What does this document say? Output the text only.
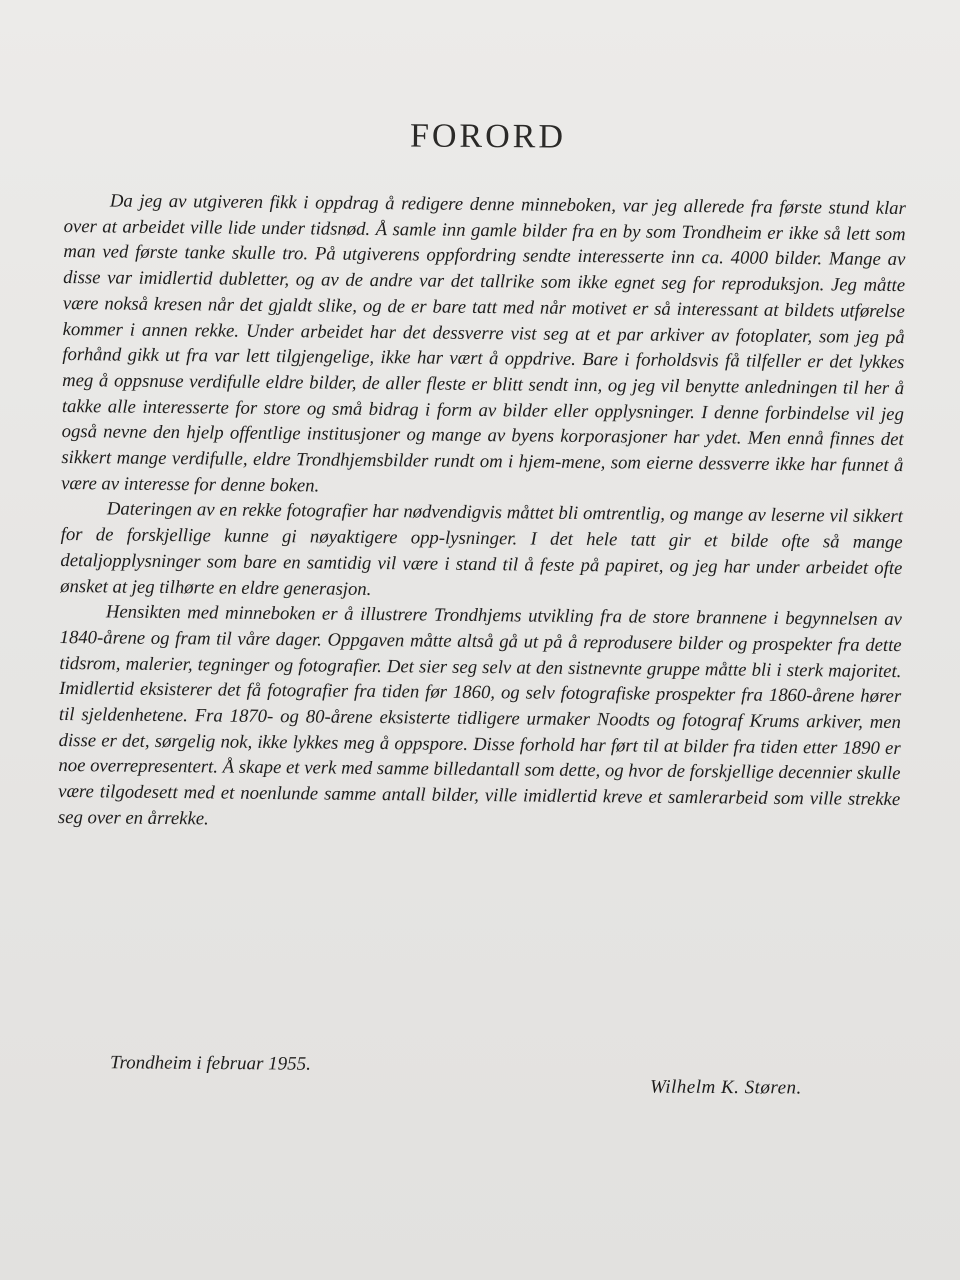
FORORD

Da jeg av utgiveren fikk i oppdrag å redigere denne minneboken, var jeg allerede fra første stund klar over at arbeidet ville lide under tidsnød. Å samle inn gamle bilder fra en by som Trondheim er ikke så lett som man ved første tanke skulle tro. På utgiverens oppfordring sendte interesserte inn ca. 4000 bilder. Mange av disse var imidlertid dubletter, og av de andre var det tallrike som ikke egnet seg for reproduksjon. Jeg måtte være nokså kresen når det gjaldt slike, og de er bare tatt med når motivet er så interessant at bildets utførelse kommer i annen rekke. Under arbeidet har det dessverre vist seg at et par arkiver av fotoplater, som jeg på forhånd gikk ut fra var lett tilgjengelige, ikke har vært å oppdrive. Bare i forholdsvis få tilfeller er det lykkes meg å oppsnuse verdifulle eldre bilder, de aller fleste er blitt sendt inn, og jeg vil benytte anledningen til her å takke alle interesserte for store og små bidrag i form av bilder eller opplysninger. I denne forbindelse vil jeg også nevne den hjelp offentlige institusjoner og mange av byens korporasjoner har ydet. Men ennå finnes det sikkert mange verdifulle, eldre Trondhjemsbilder rundt om i hjem-mene, som eierne dessverre ikke har funnet å være av interesse for denne boken.

Dateringen av en rekke fotografier har nødvendigvis måttet bli omtrentlig, og mange av leserne vil sikkert for de forskjellige kunne gi nøyaktigere opp-lysninger. I det hele tatt gir et bilde ofte så mange detaljopplysninger som bare en samtidig vil være i stand til å feste på papiret, og jeg har under arbeidet ofte ønsket at jeg tilhørte en eldre generasjon.

Hensikten med minneboken er å illustrere Trondhjems utvikling fra de store brannene i begynnelsen av 1840-årene og fram til våre dager. Oppgaven måtte altså gå ut på å reprodusere bilder og prospekter fra dette tidsrom, malerier, tegninger og fotografier. Det sier seg selv at den sistnevnte gruppe måtte bli i sterk majoritet. Imidlertid eksisterer det få fotografier fra tiden før 1860, og selv fotografiske prospekter fra 1860-årene hører til sjeldenhetene. Fra 1870- og 80-årene eksisterte tidligere urmaker Noodts og fotograf Krums arkiver, men disse er det, sørgelig nok, ikke lykkes meg å oppspore. Disse forhold har ført til at bilder fra tiden etter 1890 er noe overrepresentert. Å skape et verk med samme billedantall som dette, og hvor de forskjellige decennier skulle være tilgodesett med et noenlunde samme antall bilder, ville imidlertid kreve et samlerarbeid som ville strekke seg over en årrekke.

Trondheim i februar 1955.
Wilhelm K. Støren.
